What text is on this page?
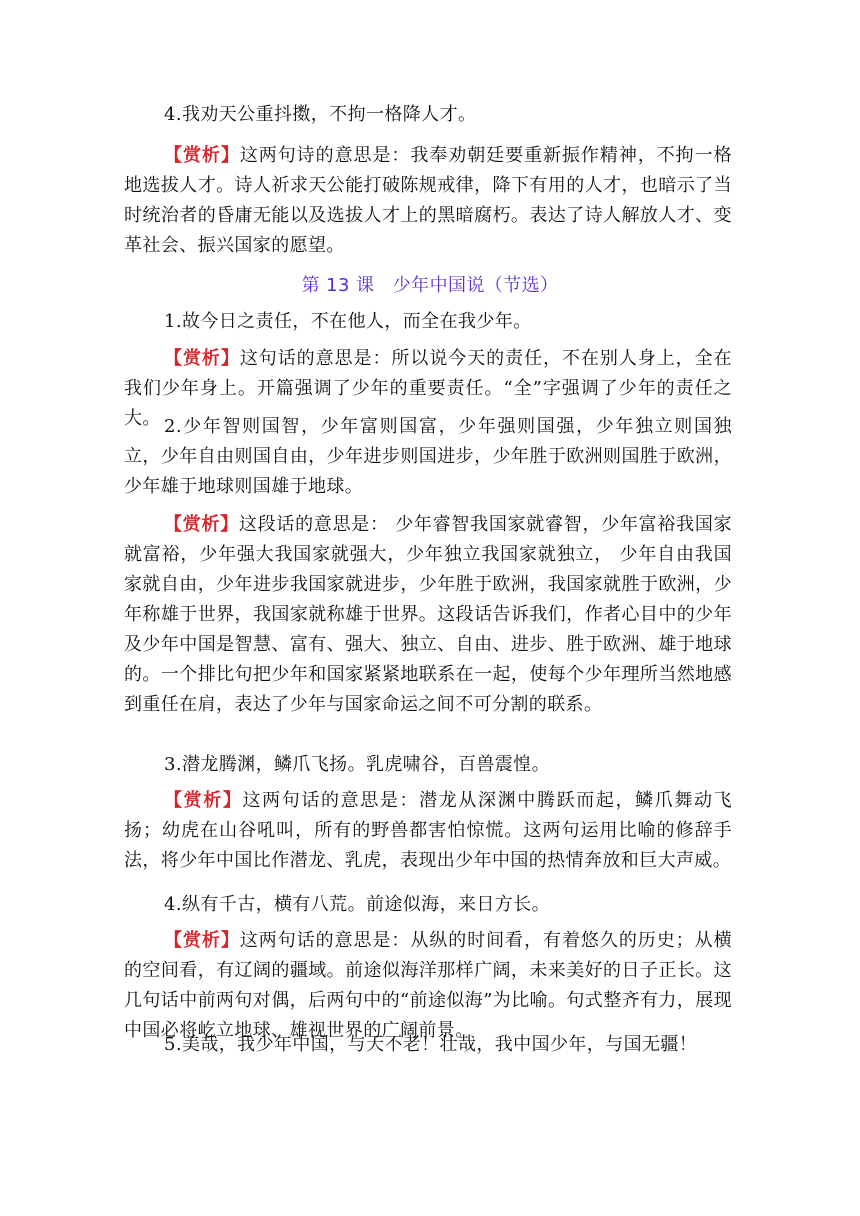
4.我劝天公重抖擞，不拘一格降人才。

【赏析】这两句诗的意思是：我奉劝朝廷要重新振作精神，不拘一格地选拔人才。诗人祈求天公能打破陈规戒律，降下有用的人才，也暗示了当时统治者的昏庸无能以及选拔人才上的黑暗腐朽。表达了诗人解放人才、变革社会、振兴国家的愿望。

第 13 课　少年中国说（节选）

1.故今日之责任，不在他人，而全在我少年。

【赏析】这句话的意思是：所以说今天的责任，不在别人身上，全在我们少年身上。开篇强调了少年的重要责任。“全”字强调了少年的责任之大。 2.少年智则国智，少年富则国富，少年强则国强，少年独立则国独立，少年自由则国自由，少年进步则国进步，少年胜于欧洲则国胜于欧洲，少年雄于地球则国雄于地球。

【赏析】这段话的意思是： 少年睿智我国家就睿智，少年富裕我国家就富裕，少年强大我国家就强大，少年独立我国家就独立， 少年自由我国家就自由，少年进步我国家就进步，少年胜于欧洲，我国家就胜于欧洲，少年称雄于世界，我国家就称雄于世界。这段话告诉我们，作者心目中的少年及少年中国是智慧、富有、强大、独立、自由、进步、胜于欧洲、雄于地球的。一个排比句把少年和国家紧紧地联系在一起，使每个少年理所当然地感到重任在肩，表达了少年与国家命运之间不可分割的联系。

3.潜龙腾渊，鳞爪飞扬。乳虎啸谷，百兽震惶。

【赏析】这两句话的意思是：潜龙从深渊中腾跃而起，鳞爪舞动飞扬；幼虎在山谷吼叫，所有的野兽都害怕惊慌。这两句运用比喻的修辞手法，将少年中国比作潜龙、乳虎，表现出少年中国的热情奔放和巨大声威。

4.纵有千古，横有八荒。前途似海，来日方长。

【赏析】这两句话的意思是：从纵的时间看，有着悠久的历史；从横的空间看，有辽阔的疆域。前途似海洋那样广阔，未来美好的日子正长。这几句话中前两句对偶，后两句中的“前途似海”为比喻。句式整齐有力，展现中国必将屹立地球、雄视世界的广阔前景。

5.美哉，我少年中国，与天不老！壮哉，我中国少年，与国无疆！
